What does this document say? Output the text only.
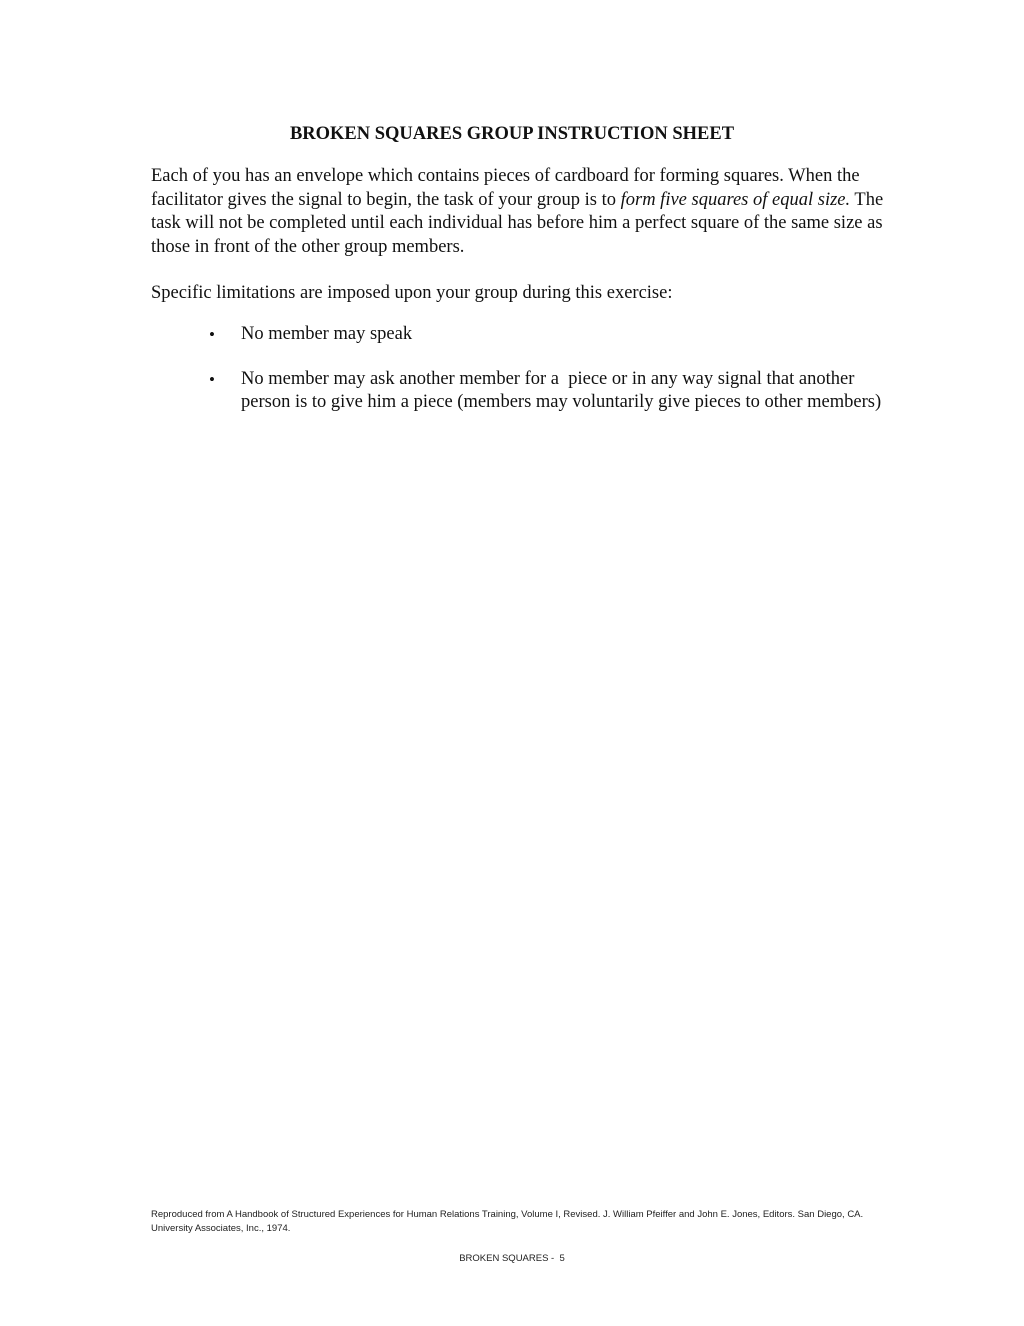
BROKEN SQUARES GROUP INSTRUCTION SHEET

Each of you has an envelope which contains pieces of cardboard for forming squares. When the facilitator gives the signal to begin, the task of your group is to form five squares of equal size. The task will not be completed until each individual has before him a perfect square of the same size as those in front of the other group members.

Specific limitations are imposed upon your group during this exercise:

• No member may speak
• No member may ask another member for a  piece or in any way signal that another person is to give him a piece (members may voluntarily give pieces to other members)

Reproduced from A Handbook of Structured Experiences for Human Relations Training, Volume I, Revised. J. William Pfeiffer and John E. Jones, Editors. San Diego, CA. University Associates, Inc., 1974.

BROKEN SQUARES -  5
